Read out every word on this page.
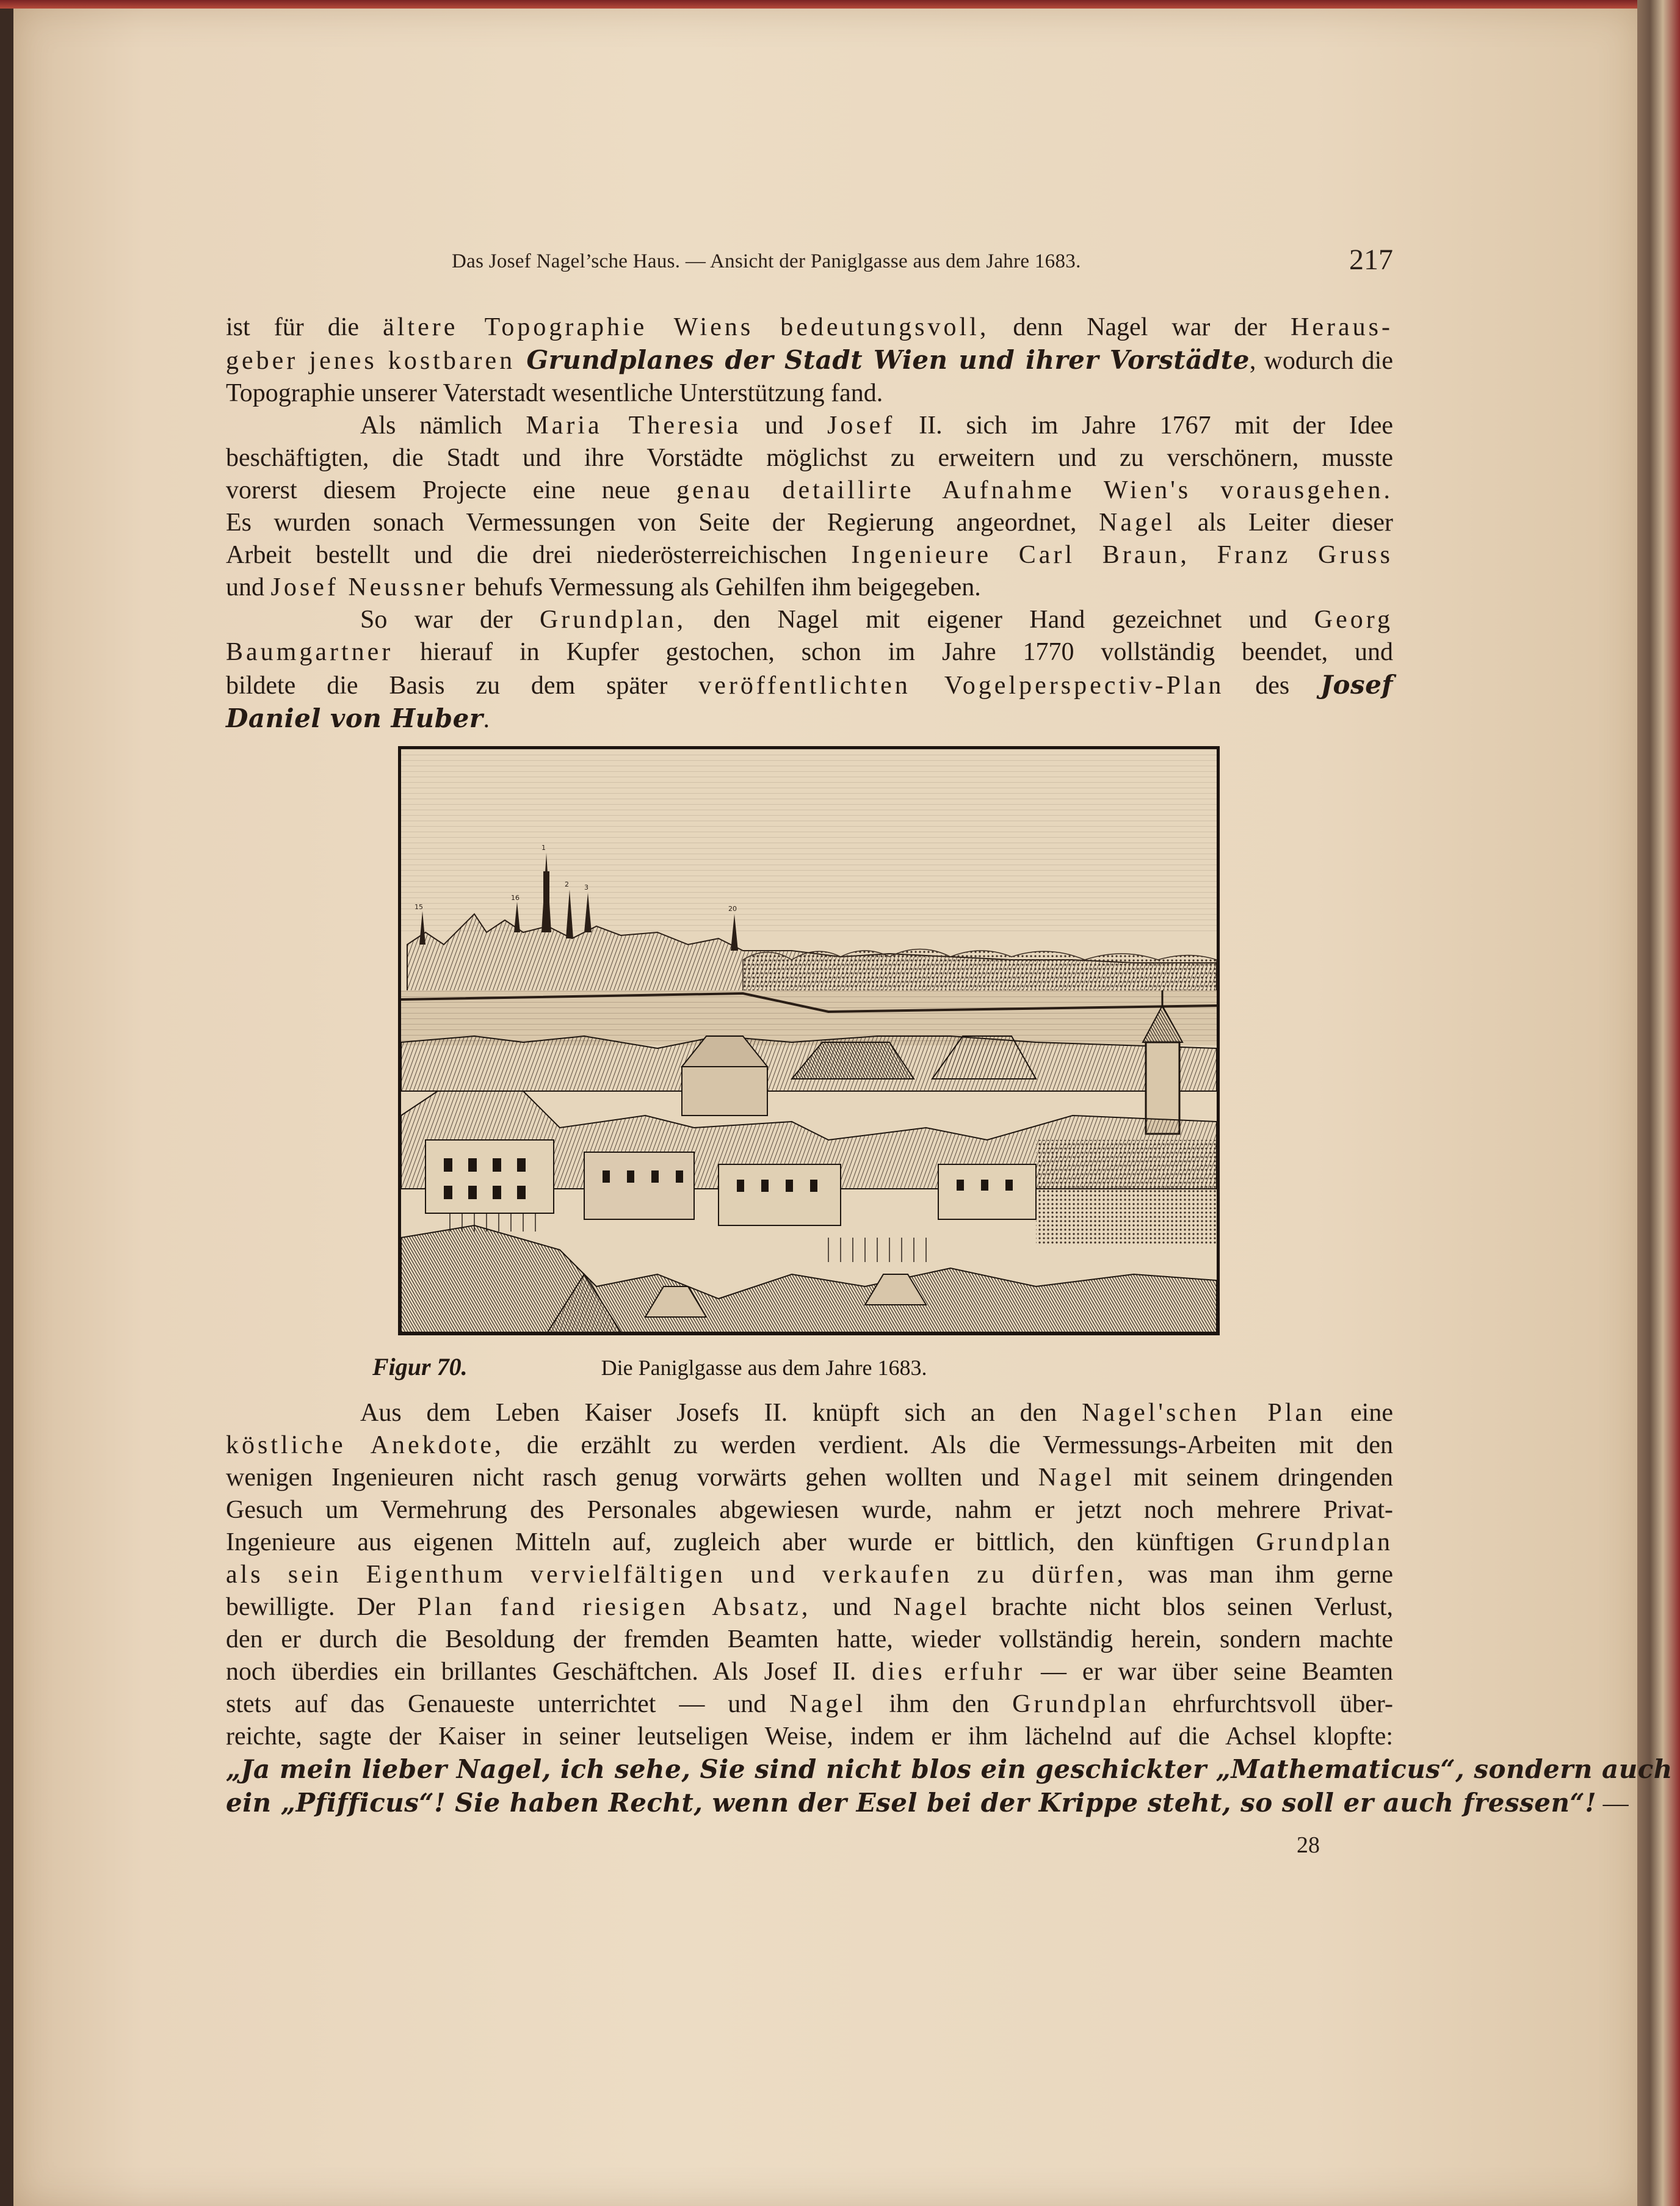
Das Josef Nagel’sche Haus. — Ansicht der Paniglgasse aus dem Jahre 1683.	217
ist für die ältere Topographie Wiens bedeutungsvoll, denn Nagel war der Heraus-
geber jenes kostbaren Grundplanes der Stadt Wien und ihrer Vorstädte, wodurch die
Topographie unserer Vaterstadt wesentliche Unterstützung fand.
Als nämlich Maria Theresia und Josef II. sich im Jahre 1767 mit der Idee
beschäftigten, die Stadt und ihre Vorstädte möglichst zu erweitern und zu verschönern, musste
vorerst diesem Projecte eine neue genau detaillirte Aufnahme Wien's vorausgehen.
Es wurden sonach Vermessungen von Seite der Regierung angeordnet, Nagel als Leiter dieser
Arbeit bestellt und die drei niederösterreichischen Ingenieure Carl Braun, Franz Gruss
und Josef Neussner behufs Vermessung als Gehilfen ihm beigegeben.
So war der Grundplan, den Nagel mit eigener Hand gezeichnet und Georg
Baumgartner hierauf in Kupfer gestochen, schon im Jahre 1770 vollständig beendet, und
bildete die Basis zu dem später veröffentlichten Vogelperspectiv-Plan des Josef
Daniel von Huber.
1
2 3
15
16
20
Figur 70.	Die Paniglgasse aus dem Jahre 1683.
Aus dem Leben Kaiser Josefs II. knüpft sich an den Nagel'schen Plan eine
köstliche Anekdote, die erzählt zu werden verdient. Als die Vermessungs-Arbeiten mit den
wenigen Ingenieuren nicht rasch genug vorwärts gehen wollten und Nagel mit seinem dringenden
Gesuch um Vermehrung des Personales abgewiesen wurde, nahm er jetzt noch mehrere Privat-
Ingenieure aus eigenen Mitteln auf, zugleich aber wurde er bittlich, den künftigen Grundplan
als sein Eigenthum vervielfältigen und verkaufen zu dürfen, was man ihm gerne
bewilligte. Der Plan fand riesigen Absatz, und Nagel brachte nicht blos seinen Verlust,
den er durch die Besoldung der fremden Beamten hatte, wieder vollständig herein, sondern machte
noch überdies ein brillantes Geschäftchen. Als Josef II. dies erfuhr — er war über seine Beamten
stets auf das Genaueste unterrichtet — und Nagel ihm den Grundplan ehrfurchtsvoll über-
reichte, sagte der Kaiser in seiner leutseligen Weise, indem er ihm lächelnd auf die Achsel klopfte:
„Ja mein lieber Nagel, ich sehe, Sie sind nicht blos ein geschickter „Mathematicus“, sondern auch
ein „Pfifficus“! Sie haben Recht, wenn der Esel bei der Krippe steht, so soll er auch fressen“! —
28
